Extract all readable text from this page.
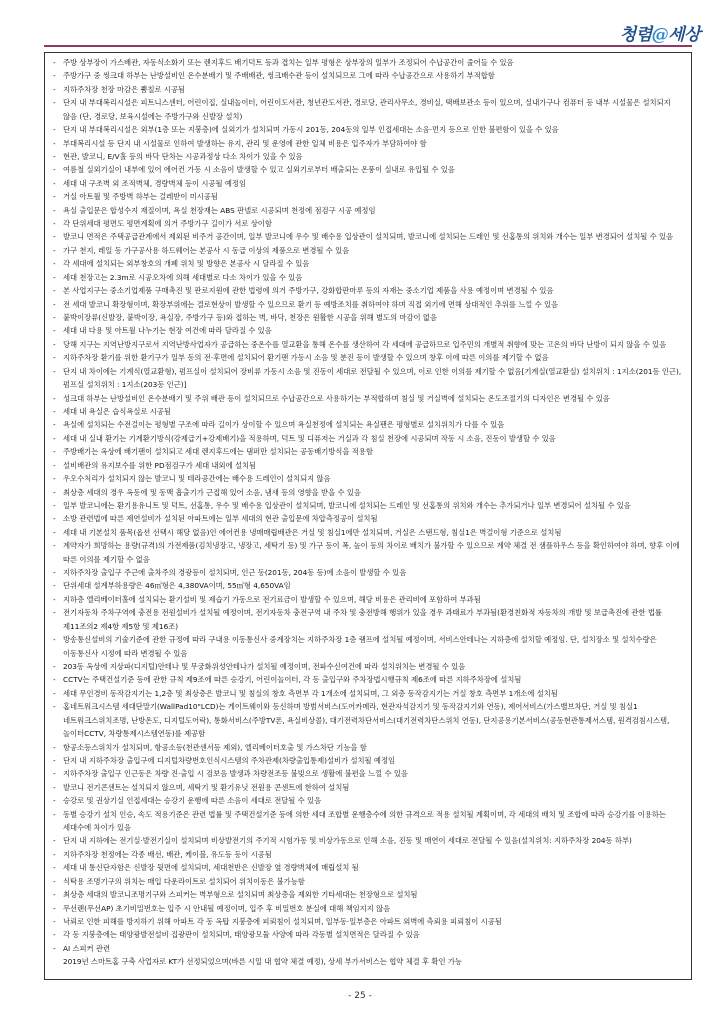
청렴@세상
- 주방 상부장이 가스배관, 자동식소화기 또는 렌지후드 배기덕트 등과 겹치는 일부 평형은 상부장의 일부가 조정되어 수납공간이 줄어들 수 있음
- 주방가구 중 씽크대 하부는 난방설비인 온수분배기 및 주배배관, 씽크배수관 등이 설치되므로 그에 따라 수납공간으로 사용하기 부적합함
- 지하주차장 천장 마감은 뿜칠로 시공됨
- 단지 내 부대복리시설은 피트니스센터, 어린이집, 실내놀이터, 어린이도서관, 청년관도서관, 경로당, 관리사무소, 경비실, 택배보관소 등이 있으며, 실내가구나 컴퓨터 등 내부 시설물은 설치되지 않음 (단, 경로당, 보육시설에는 주방가구와 신발장 설치)
- 단지 내 부대복리시설은 외부(1층 또는 지붕층)에 실외기가 설치되며 가동시 201동, 204동의 일부 인접세대는 소음·먼지 등으로 인한 불편함이 있을 수 있음
- 부대복리시설 등 단지 내 시설물로 인하여 발생하는 유지, 관리 및 운영에 관한 일체 비용은 입주자가 부담하여야 함
- 현관, 발코니, E/V홀 등의 바닥 단차는 시공과정상 다소 차이가 있을 수 있음
- 여름철 실외기실이 내부에 있어 에어컨 가동 시 소음이 발생할 수 있고 실외기로부터 배출되는 온풍이 실내로 유입될 수 있음
- 세대 내 구조벽 외 조적벽체, 경량벽체 등이 시공될 예정임
- 거실 아트월 및 주방벽 하부는 걸레받이 미시공됨
- 욕실 출입문은 합성수지 재질이며, 욕실 천장재는 ABS 판넬로 시공되며 천정에 점검구 시공 예정임
- 각 단위세대 평면도 평면계획에 의거 주방가구 길이가 서로 상이함
- 발코니 면적은 주택공급관계에서 제외된 비주거 공간이며, 일부 발코니에 우수 및 배수용 입상관이 설치되며, 발코니에 설치되는 드레인 및 선홈통의 위치와 개수는 일부 변경되어 설치될 수 있음
- 가구 천지, 레일 등 가구공사용 하드웨어는 본공사 시 동급 이상의 제품으로 변경될 수 있음
- 각 세대에 설치되는 외부창호의 개폐 위치 및 방향은 본공사 시 달라질 수 있음
- 세대 천장고는 2.3m로 시공오차에 의해 세대별로 다소 차이가 있을 수 있음
- 본 사업지구는 중소기업제품 구매촉진 및 판로지원에 관한 법령에 의거 주방가구, 강화합판마루 등의 자재는 중소기업 제품을 사용 예정이며 변경될 수 있음
- 전 세대 발코니 확장형이며, 확장부위에는 결로현상이 발생할 수 있으므로 환기 등 예방조치를 취하여야 하며 직접 외기에 면해 상대적인 추위를 느낄 수 있음
- 붙박이장류(신발장, 붙박이장, 욕실장, 주방가구 등)와 접하는 벽, 바닥, 천장은 원활한 시공을 위해 별도의 마감이 없음
- 세대 내 다용 및 아트월 나누기는 현장 여건에 따라 달라질 수 있음
- 당해 지구는 지역난방지구로서 지역난방사업자가 공급하는 중온수를 열교환을 통해 온수를 생산하여 각 세대에 공급하므로 입주민의 개별적 취향에 맞는 고온의 바닥 난방이 되지 않을 수 있음
- 지하주차장 환기를 위한 환기구가 일부 동의 전·후면에 설치되어 환기팬 가동시 소음 및 분진 등이 발생할 수 있으며 창후 이에 따른 이의를 제기할 수 없음
- 단지 내 차이에는 기계식(열교환형), 펌프실이 설치되어 장비류 가동시 소음 및 진동이 세대로 전달될 수 있으며, 이로 인한 이의를 제기할 수 없음[기계실(열교환실) 설치위치 : 1지소(201동 인근), 펌프실 설치위치 : 1지소(203동 인근)]
- 성크대 하부는 난방설비인 온수분배기 및 주위 배관 등이 설치되므로 수납공간으로 사용하기는 부적합하며 침실 및 거실벽에 설치되는 온도조절기의 디자인은 변경될 수 있음
- 세대 내 욕실은 습식욕실로 시공됨
- 욕실에 설치되는 수전걸이는 평형별 구조에 따라 길이가 상이할 수 있으며 욕실천정에 설치되는 욕실팬은 평형별로 설치위치가 다를 수 있음
- 세대 내 실내 환기는 기계환기방식(강제급기+강제배기)을 적용하며, 덕트 및 디퓨저는 거실과 각 침실 천장에 시공되며 작동 시 소음, 진동이 발생할 수 있음
- 주방배기는 옥상에 배기팬이 설치되고 세대 렌지후드에는 댐퍼만 설치되는 공동배기방식을 적용함
- 설비배관의 유지보수를 위한 PD점검구가 세대 내외에 설치됨
- 우오수처리가 설치되지 않는 발코니 및 테라공간에는 배수용 드레인이 설치되지 않음
- 최상층 세대의 경우 옥동에 및 동맥 흡출기가 근접해 있어 소음, 냄새 등의 영향을 받을 수 있음
- 일부 발코니에는 환기용유니트 및 덕트, 선홈통, 우수 및 배수용 입상관이 설치되며, 발코니에 설치되는 드레인 및 선홈통의 위치와 개수는 추가되거나 일부 변경되어 설치될 수 있음
- 소방 관련법에 따른 제연설비가 설치된 아파트에는 일부 세대의 현관 출입문에 차압측정공이 설치됨
- 세대 내 기본설치 품목(옵션 선택시 해당 없음)인 에어컨용 냉매매립배관은 거실 및 침실1에만 설치되며, 거실은 스탠드형, 침실1은 벽걸이형 기준으로 설치됨
- 계약자가 희망하는 용량(규격)의 가전제품(김치냉장고, 냉장고, 세탁기 등) 및 가구 등이 폭, 높이 등의 차이로 배치가 불가할 수 있으므로 계약 체결 전 샘플하우스 등을 확인하여야 하며, 향후 이에 따른 이의를 제기할 수 없음
- 지하주차장 출입구 주근에 출차주의 경광등이 설치되며, 인근 동(201동, 204동 등)에 소음이 발생할 수 있음
- 단위세대 설계부하용량은 46㎡형은 4,380VA이며, 55㎡형 4,650VA임
- 지하층 엘리베이터홀에 설치되는 환기설비 및 제습기 가동으로 전기료금이 발생할 수 있으며, 해당 비용은 관리비에 포함하여 부과됨
- 전기자동차 주차구역에 충전용 전원설비가 설치될 예정이며, 전기자동차 충전구역 내 주차 및 충전방해 행위가 있을 경우 과태료가 부과됨(환경친화적 자동차의 개발 및 보급촉진에 관한 법률 제11조의2 제4항 제5항 및 제16조)
- 방송통신설비의 기술기준에 관한 규정에 따라 구내용 이동통신사 중계장치는 지하주차장 1층 램프에 설치될 예정이며, 서비스안테나는 지하층에 설치할 예정임. 단, 설치장소 및 설치수량은 이동통신사 시정에 따라 변경될 수 있음
- 203동 옥상에 지상파(디지털)안테나 및 무궁화위성안테나가 설치될 예정이며, 전파수신여건에 따라 설치위치는 변경될 수 있음
- CCTV는 주택건설기준 등에 관한 규칙 제9조에 따른 승강기, 어린이놀이터, 각 동 출입구와 주차장법시행규칙 제6조에 따른 지하주차장에 설치됨
- 세대 무인경비 동작감지기는 1,2층 및 최상층은 발코니 및 침실의 창호 측면부 각 1개소에 설치되며, 그 외층 동작감지기는 거실 창호 측면부 1개소에 설치됨
- 홈네트워크시스템 세대단말기(WallPad10"LCD)는 게이트웨이와 동신하며 방범서비스(도어카메라, 현관자석감지기 및 동작감지기와 연동), 제어서비스(가스밸브차단, 거실 및 침실1 네트워크스위치조명, 난방온도, 디지털도어락), 통화서비스(주방TV폰, 욕실비상콜), 대기전력차단서비스(대기전력차단스위치 연동), 단지공용기본서비스(공동현관통제서스템, 원격검침시스템, 놀이터CCTV, 차량통제시스템연동)를 제공함
- 항공소등스위치가 설치되며, 항공소등(천관센서등 제외), 엘리베이터호출 및 가스차단 기능을 함
- 단지 내 지하주차장 출입구에 디지털차량번호인식시스템의 주차관제(차량출입통제)설비가 설치될 예정임
- 지하주차장 출입구 인근동은 차량 진·출입 시 검보음 발생과 차량전조등 불빛으로 생활에 불편을 느낄 수 있음
- 발코니 전기콘센트는 설치되지 않으며, 세탁기 및 환기유닛 전원용 콘센트에 한하여 설치됨
- 승강로 및 권상기실 인접세대는 승강기 운행에 따른 소음이 세대로 전달될 수 있음
- 동별 승강기 설치 인승, 속도 적용기준은 관련 법률 및 주택건설기준 등에 의한 세대 조합별 운행층수에 의한 규격으로 적용 설치될 계획이며, 각 세대의 배치 및 조합에 따라 승강기를 이용하는 세대수에 차이가 있음
- 단지 내 지하에는 전기실·발전기실이 설치되며 비상발전기의 주기적 시험가동 및 비상가동으로 인해 소음, 진동 및 매연이 세대로 전달될 수 있음(설치위치: 지하주차장 204동 하부)
- 지하주차장 천정에는 각종 배선, 배관, 케이블, 유도등 등이 시공됨
- 세대 내 통신단자함은 신발장 뒷면에 설치되며, 세대천반은 신발장 옆 경량벽체에 매립설치 됨
- 식탁용 조명기구의 위치는 매입 다운라이트로 설치되어 위치이동은 불가능함
- 최상층 세대의 발코니조명기구와 스피커는 벽부형으로 설치되며 최상층을 제외한 기타세대는 천장형으로 설치됨
- 무선랜(무선AP) 초기비밀번호는 입주 시 안내될 예정이며, 입주 후 비밀번호 분실에 대해 책임지지 않음
- 낙뢰로 인한 피해를 방지하기 위해 아파트 각 동 옥탑 지붕층에 피뢰침이 설치되며, 일부동·일부층은 아파트 외벽에 측뢰용 피뢰침이 시공됨
- 각 동 지붕층에는 태양광발전설비 집광판이 설치되며, 태양광모듈 사양에 따라 각동별 설치면적은 달라질 수 있음
- AI 스피커 관련
2019년 스마트홈 구축 사업자로 KT가 선정되었으며(바른 시일 내 협약 체결 예정), 상세 부가서비스는 협약 체결 후 확인 가능
- 25 -
